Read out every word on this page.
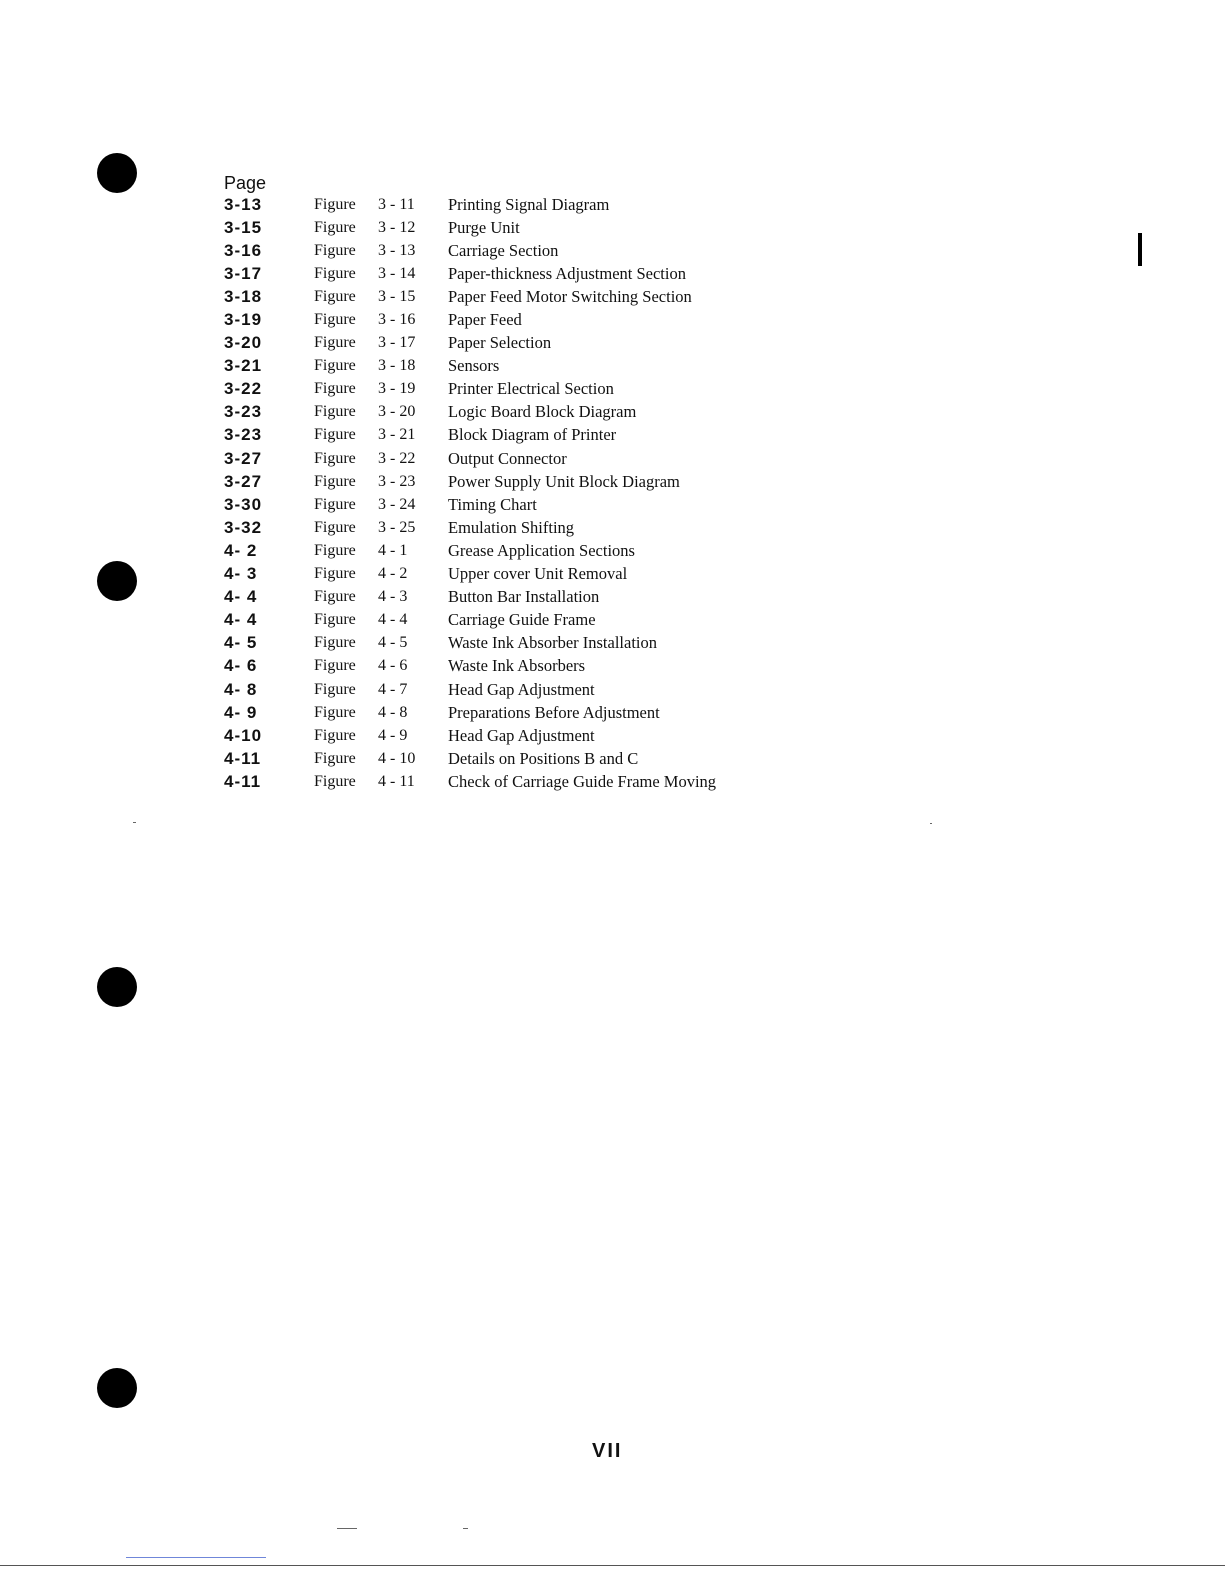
Page
3-13	Figure	3 - 11	Printing Signal Diagram
3-15	Figure	3 - 12	Purge Unit
3-16	Figure	3 - 13	Carriage Section
3-17	Figure	3 - 14	Paper-thickness Adjustment Section
3-18	Figure	3 - 15	Paper Feed Motor Switching Section
3-19	Figure	3 - 16	Paper Feed
3-20	Figure	3 - 17	Paper Selection
3-21	Figure	3 - 18	Sensors
3-22	Figure	3 - 19	Printer Electrical Section
3-23	Figure	3 - 20	Logic Board Block Diagram
3-23	Figure	3 - 21	Block Diagram of Printer
3-27	Figure	3 - 22	Output Connector
3-27	Figure	3 - 23	Power Supply Unit Block Diagram
3-30	Figure	3 - 24	Timing Chart
3-32	Figure	3 - 25	Emulation Shifting
4- 2	Figure	4 - 1	Grease Application Sections
4- 3	Figure	4 - 2	Upper cover Unit Removal
4- 4	Figure	4 - 3	Button Bar Installation
4- 4	Figure	4 - 4	Carriage Guide Frame
4- 5	Figure	4 - 5	Waste Ink Absorber Installation
4- 6	Figure	4 - 6	Waste Ink Absorbers
4- 8	Figure	4 - 7	Head Gap Adjustment
4- 9	Figure	4 - 8	Preparations Before Adjustment
4-10	Figure	4 - 9	Head Gap Adjustment
4-11	Figure	4 - 10	Details on Positions B and C
4-11	Figure	4 - 11	Check of Carriage Guide Frame Moving
VII
